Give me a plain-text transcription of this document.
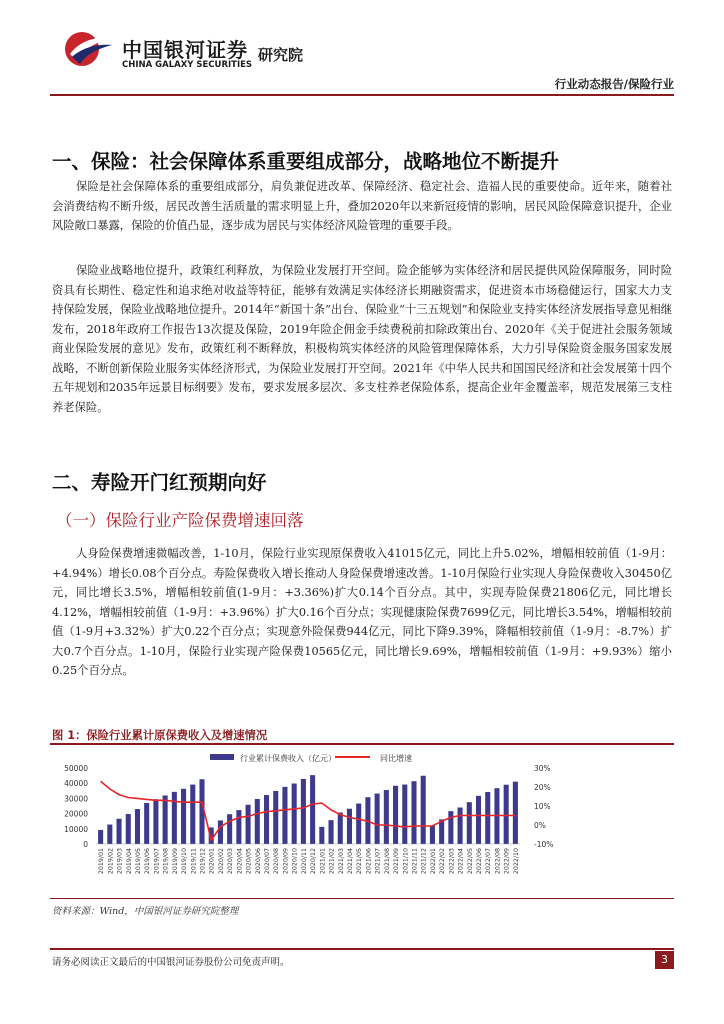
中国银河证券
CHINA GALAXY SECURITIES
研究院
行业动态报告/保险行业
一、保险：社会保障体系重要组成部分，战略地位不断提升

保险是社会保障体系的重要组成部分，肩负兼促进改革、保障经济、稳定社会、造福人民的重要使命。近年来，随着社会消费结构不断升级，居民改善生活质量的需求明显上升，叠加2020年以来新冠疫情的影响，居民风险保障意识提升，企业风险敞口暴露，保险的价值凸显，逐步成为居民与实体经济风险管理的重要手段。

保险业战略地位提升，政策红利释放，为保险业发展打开空间。险企能够为实体经济和居民提供风险保障服务，同时险资具有长期性、稳定性和追求绝对收益等特征，能够有效满足实体经济长期融资需求，促进资本市场稳健运行，国家大力支持保险发展，保险业战略地位提升。2014年“新国十条”出台、保险业“十三五规划”和保险业支持实体经济发展指导意见相继发布，2018年政府工作报告13次提及保险，2019年险企佣金手续费税前扣除政策出台、2020年《关于促进社会服务领域商业保险发展的意见》发布，政策红利不断释放，积极构筑实体经济的风险管理保障体系，大力引导保险资金服务国家发展战略，不断创新保险业服务实体经济形式，为保险业发展打开空间。2021年《中华人民共和国国民经济和社会发展第十四个五年规划和2035年远景目标纲要》发布，要求发展多层次、多支柱养老保险体系，提高企业年金覆盖率，规范发展第三支柱养老保险。

二、寿险开门红预期向好
（一）保险行业产险保费增速回落

人身险保费增速微幅改善，1-10月，保险行业实现原保费收入41015亿元，同比上升5.02%，增幅相较前值（1-9月：+4.94%）增长0.08个百分点。寿险保费收入增长推动人身险保费增速改善。1-10月保险行业实现人身险保费收入30450亿元，同比增长3.5%，增幅相较前值(1-9月：+3.36%)扩大0.14个百分点。其中，实现寿险保费21806亿元，同比增长4.12%，增幅相较前值（1-9月：+3.96%）扩大0.16个百分点；实现健康险保费7699亿元，同比增长3.54%，增幅相较前值（1-9月+3.32%）扩大0.22个百分点；实现意外险保费944亿元，同比下降9.39%，降幅相较前值（1-9月：-8.7%）扩大0.7个百分点。1-10月，保险行业实现产险保费10565亿元，同比增长9.69%，增幅相较前值（1-9月：+9.93%）缩小0.25个百分点。

图 1：保险行业累计原保费收入及增速情况
行业累计保费收入（亿元）	同比增速
0
10000
20000
30000
40000
50000
-10%
0%
10%
20%
30%
2019/01 2019/02 2019/03 2019/04 2019/05 2019/06 2019/07 2019/08 2019/09 2019/10 2019/11 2019/12 2020/01 2020/02 2020/03 2020/04 2020/05 2020/06 2020/07 2020/08 2020/09 2020/10 2020/11 2020/12 2021/01 2021/02 2021/03 2021/04 2021/05 2021/06 2021/07 2021/08 2021/09 2021/10 2021/11 2021/12 2022/01 2022/02 2022/03 2022/04 2022/05 2022/06 2022/07 2022/08 2022/09 2022/10
资料来源：Wind，中国银河证券研究院整理
请务必阅读正文最后的中国银河证券股份公司免责声明。	3
